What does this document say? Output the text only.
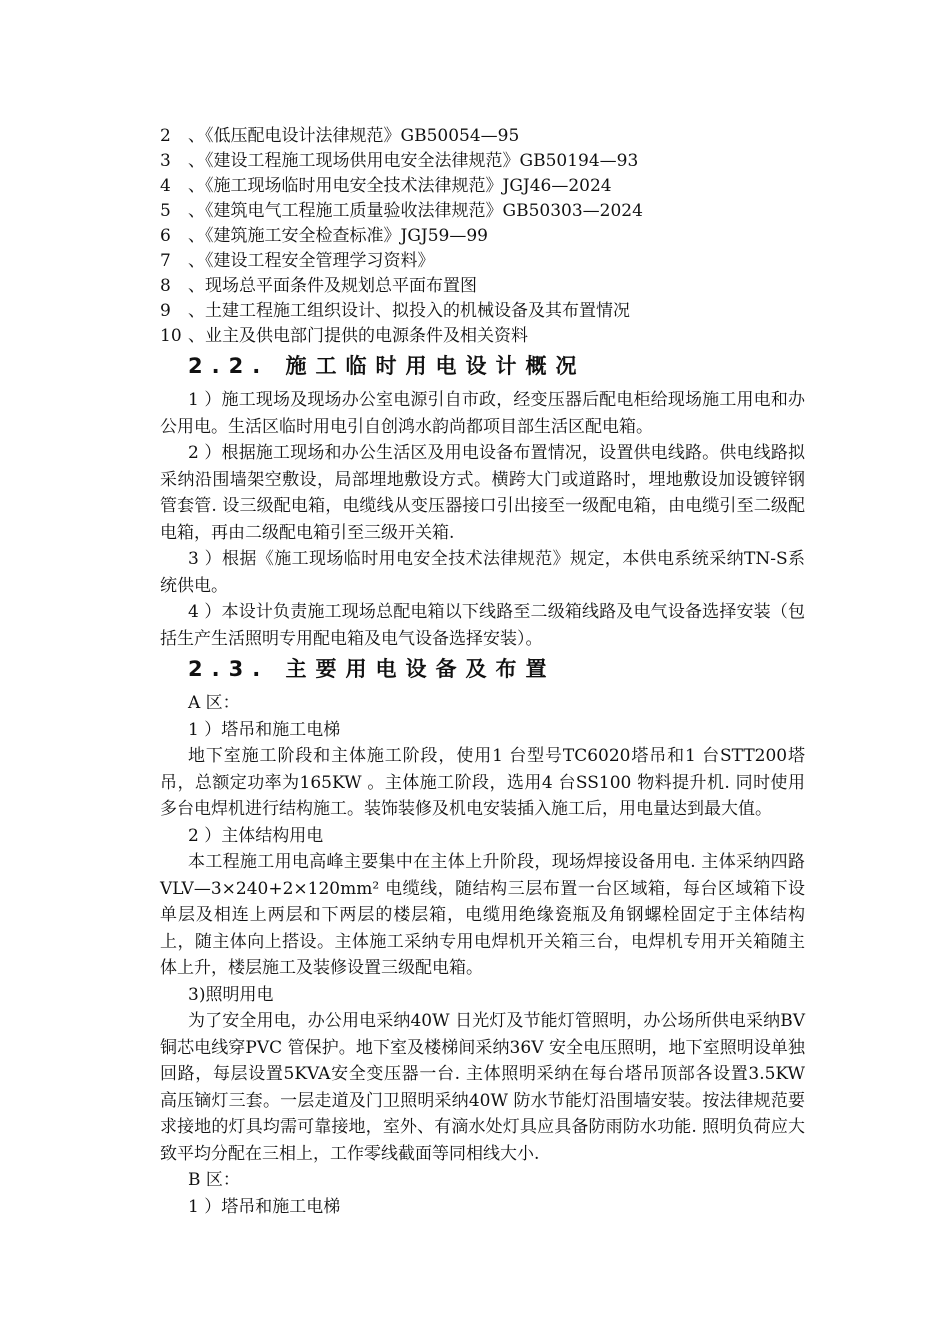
2 、《低压配电设计法律规范》GB50054—95
3 、《建设工程施工现场供用电安全法律规范》GB50194—93
4 、《施工现场临时用电安全技术法律规范》JGJ46—2024
5 、《建筑电气工程施工质量验收法律规范》GB50303—2024
6 、《建筑施工安全检查标准》JGJ59—99
7 、《建设工程安全管理学习资料》
8 、现场总平面条件及规划总平面布置图
9 、土建工程施工组织设计、拟投入的机械设备及其布置情况
10 、业主及供电部门提供的电源条件及相关资料
2.2. 施工临时用电设计概况

1 ）施工现场及现场办公室电源引自市政，经变压器后配电柜给现场施工用电和办公用电。生活区临时用电引自创鸿水韵尚都项目部生活区配电箱。

2 ）根据施工现场和办公生活区及用电设备布置情况，设置供电线路。供电线路拟采纳沿围墙架空敷设，局部埋地敷设方式。横跨大门或道路时，埋地敷设加设镀锌钢管套管. 设三级配电箱，电缆线从变压器接口引出接至一级配电箱，由电缆引至二级配电箱，再由二级配电箱引至三级开关箱.

3 ）根据《施工现场临时用电安全技术法律规范》规定，本供电系统采纳TN-S系统供电。

4 ）本设计负责施工现场总配电箱以下线路至二级箱线路及电气设备选择安装（包括生产生活照明专用配电箱及电气设备选择安装）。

2.3. 主要用电设备及布置
A 区：
1 ）塔吊和施工电梯

地下室施工阶段和主体施工阶段，使用1 台型号TC6020塔吊和1 台STT200塔吊，总额定功率为165KW 。主体施工阶段，选用4 台SS100 物料提升机. 同时使用多台电焊机进行结构施工。装饰装修及机电安装插入施工后，用电量达到最大值。

2 ）主体结构用电

本工程施工用电高峰主要集中在主体上升阶段，现场焊接设备用电. 主体采纳四路VLV—3×240+2×120mm² 电缆线，随结构三层布置一台区域箱，每台区域箱下设单层及相连上两层和下两层的楼层箱，电缆用绝缘瓷瓶及角钢螺栓固定于主体结构上，随主体向上搭设。主体施工采纳专用电焊机开关箱三台，电焊机专用开关箱随主体上升，楼层施工及装修设置三级配电箱。

3)照明用电

为了安全用电，办公用电采纳40W 日光灯及节能灯管照明，办公场所供电采纳BV铜芯电线穿PVC 管保护。地下室及楼梯间采纳36V 安全电压照明，地下室照明设单独回路，每层设置5KVA安全变压器一台. 主体照明采纳在每台塔吊顶部各设置3.5KW 高压镝灯三套。一层走道及门卫照明采纳40W 防水节能灯沿围墙安装。按法律规范要求接地的灯具均需可靠接地，室外、有滴水处灯具应具备防雨防水功能. 照明负荷应大致平均分配在三相上，工作零线截面等同相线大小.

B 区：
1 ）塔吊和施工电梯
